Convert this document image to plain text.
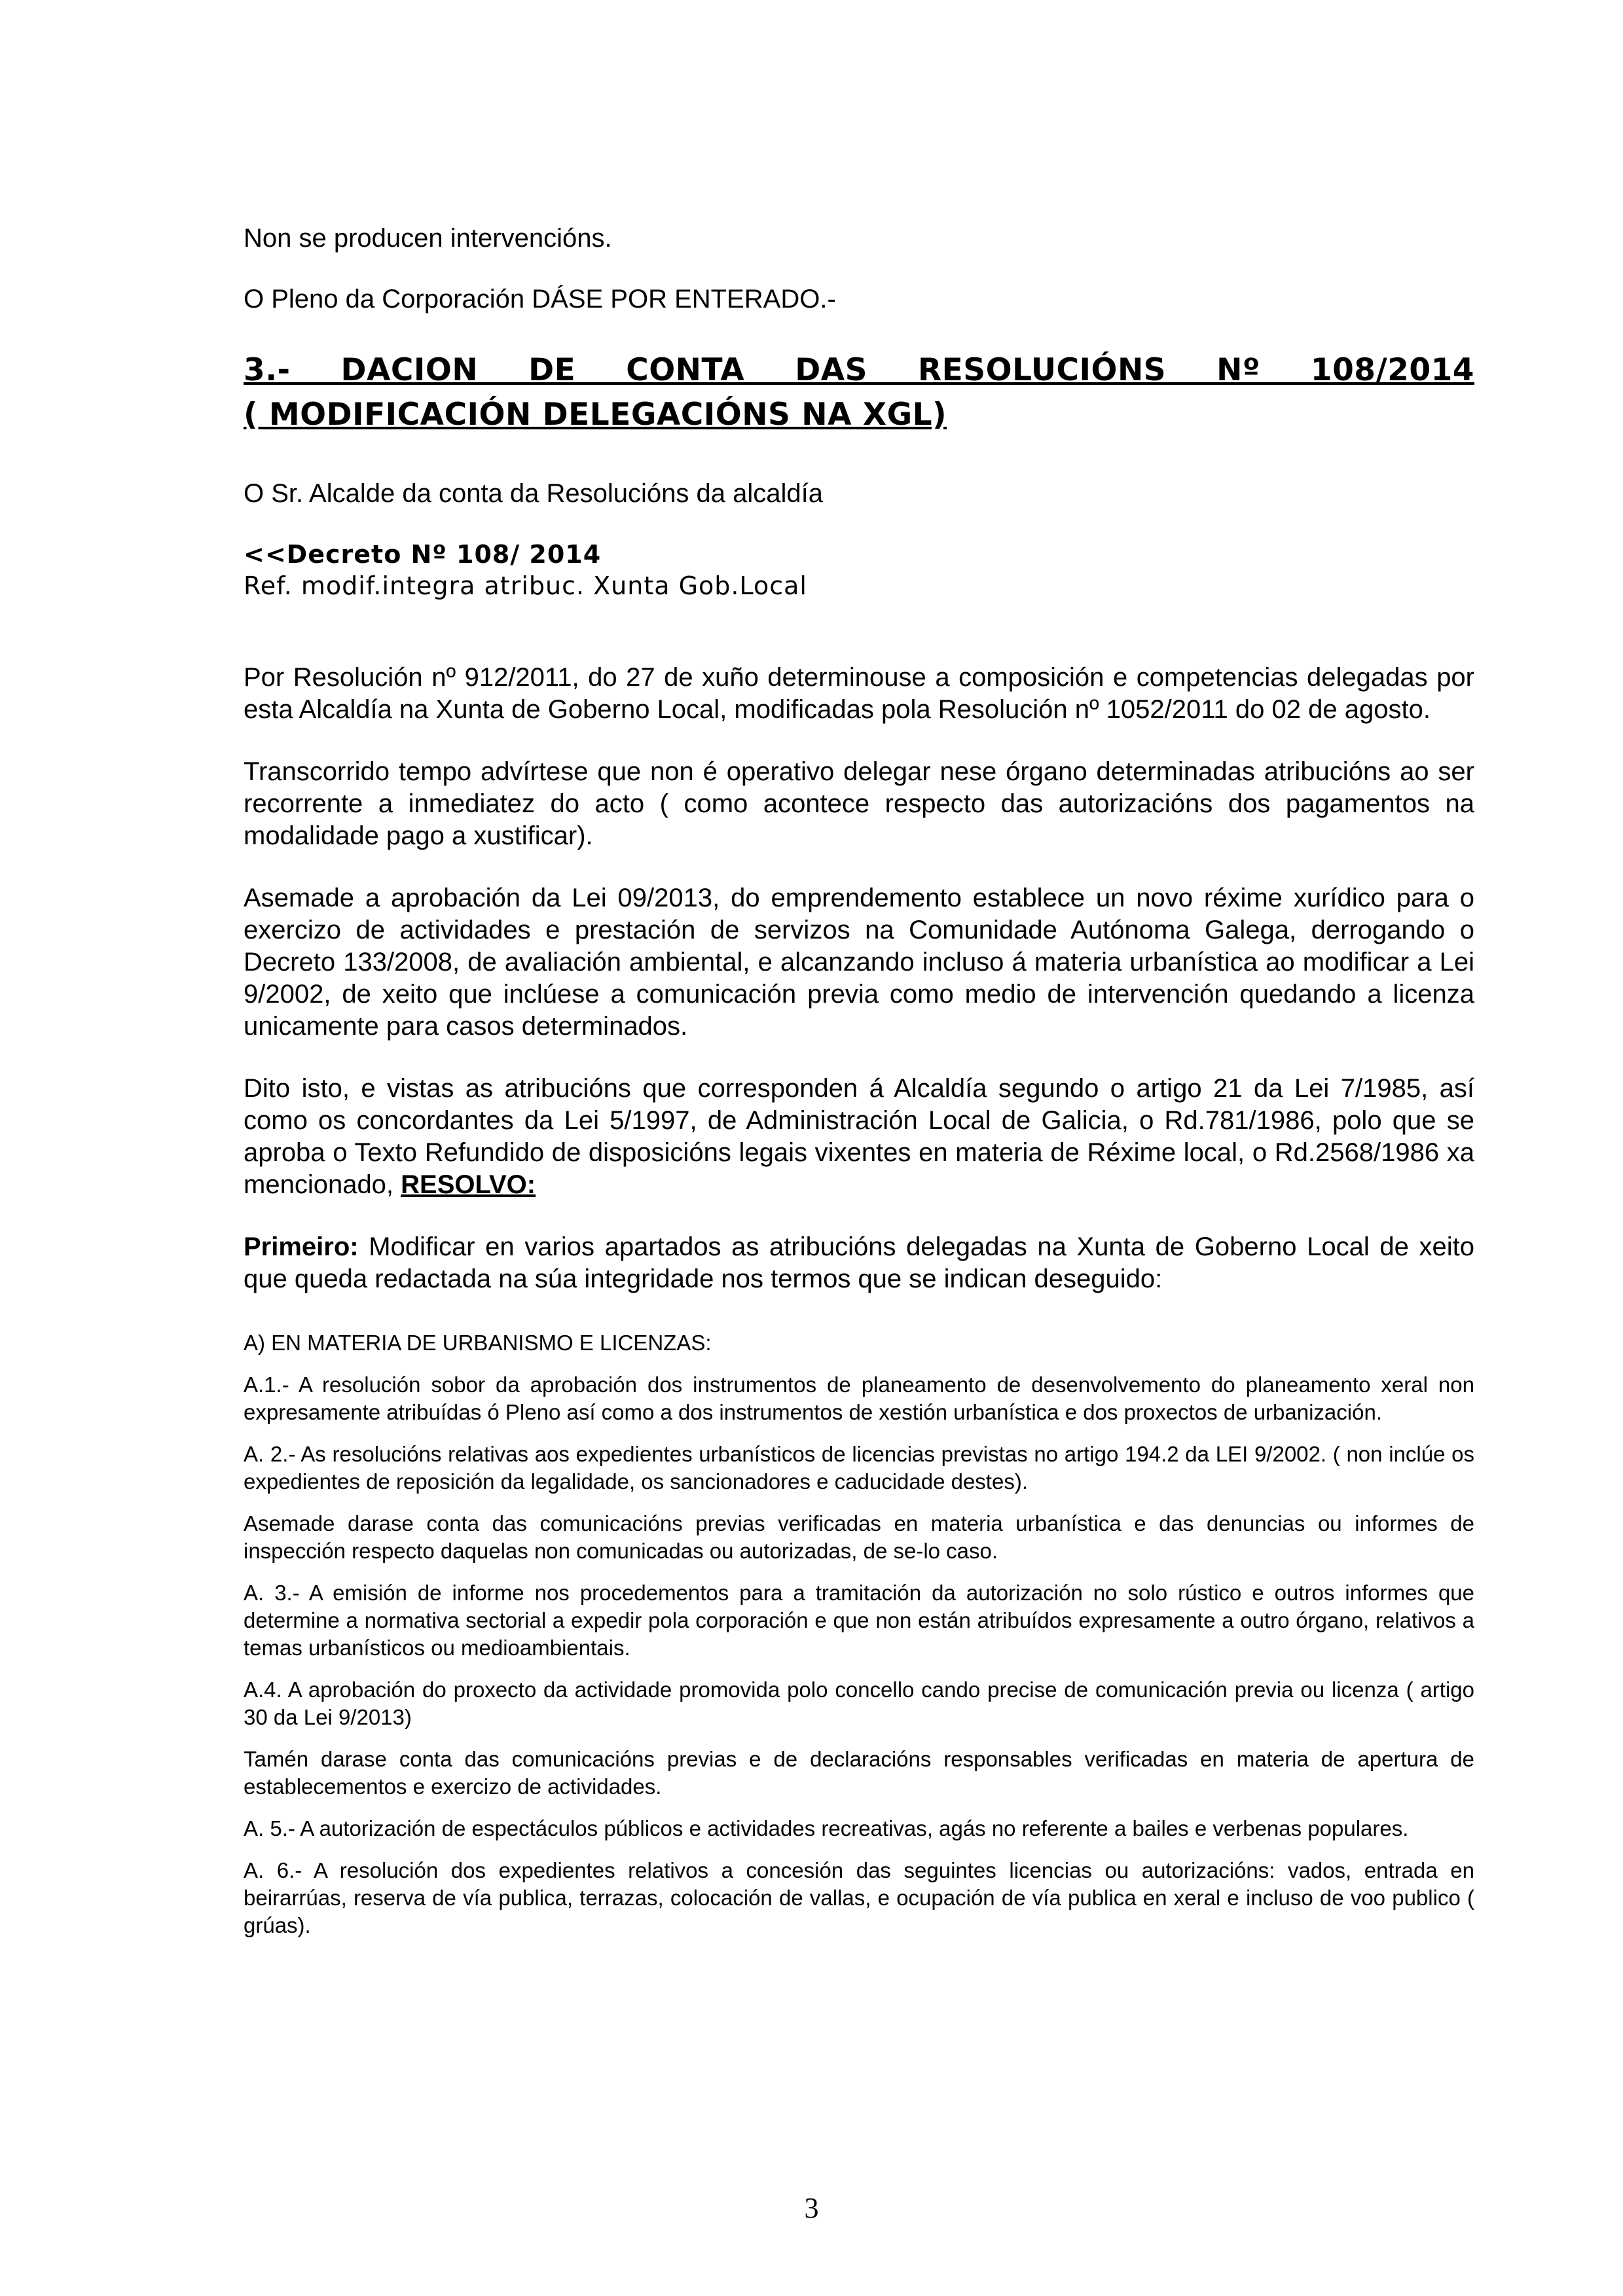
Non se producen intervencións.

O Pleno da Corporación DÁSE POR ENTERADO.-

3.- DACION DE CONTA DAS RESOLUCIÓNS Nº 108/2014

( MODIFICACIÓN DELEGACIÓNS NA XGL)

O Sr. Alcalde da conta da Resolucións da alcaldía

<<Decreto Nº 108/ 2014

Ref. modif.integra atribuc. Xunta Gob.Local

Por Resolución nº 912/2011, do 27 de xuño determinouse a composición e competencias delegadas por esta Alcaldía na Xunta de Goberno Local, modificadas pola Resolución nº 1052/2011 do 02 de agosto.

Transcorrido tempo advírtese que non é operativo delegar nese órgano determinadas atribucións ao ser recorrente a inmediatez do acto ( como acontece respecto das autorizacións dos pagamentos na modalidade pago a xustificar).

Asemade a aprobación da Lei 09/2013, do emprendemento establece un novo réxime xurídico para o exercizo de actividades e prestación de servizos na Comunidade Autónoma Galega, derrogando o Decreto 133/2008, de avaliación ambiental, e alcanzando incluso á materia urbanística ao modificar a Lei 9/2002, de xeito que inclúese a comunicación previa como medio de intervención quedando a licenza unicamente para casos determinados.

Dito isto, e vistas as atribucións que corresponden á Alcaldía segundo o artigo 21 da Lei 7/1985, así como os concordantes da Lei 5/1997, de Administración Local de Galicia, o Rd.781/1986, polo que se aproba o Texto Refundido de disposicións legais vixentes en materia de Réxime local, o Rd.2568/1986 xa mencionado, RESOLVO:

Primeiro: Modificar en varios apartados as atribucións delegadas na Xunta de Goberno Local de xeito que queda redactada na súa integridade nos termos que se indican deseguido:

A) EN MATERIA DE URBANISMO E LICENZAS:

A.1.- A resolución sobor da aprobación dos instrumentos de planeamento de desenvolvemento do planeamento xeral non expresamente atribuídas ó Pleno así como a dos instrumentos de xestión urbanística e dos proxectos de urbanización.

A. 2.- As resolucións relativas aos expedientes urbanísticos de licencias previstas no artigo 194.2 da LEI 9/2002. ( non inclúe os expedientes de reposición da legalidade, os sancionadores e caducidade destes).

Asemade darase conta das comunicacións previas verificadas en materia urbanística e das denuncias ou informes de inspección respecto daquelas non comunicadas ou autorizadas, de se-lo caso.

A. 3.- A emisión de informe nos procedementos para a tramitación da autorización no solo rústico e outros informes que determine a normativa sectorial a expedir pola corporación e que non están atribuídos expresamente a outro órgano, relativos a temas urbanísticos ou medioambientais.

A.4. A aprobación do proxecto da actividade promovida polo concello cando precise de comunicación previa ou licenza ( artigo 30 da Lei 9/2013)

Tamén darase conta das comunicacións previas e de declaracións responsables verificadas en materia de apertura de establecementos e exercizo de actividades.

A. 5.- A autorización de espectáculos públicos e actividades recreativas, agás no referente a bailes e verbenas populares.

A. 6.- A resolución dos expedientes relativos a concesión das seguintes licencias ou autorizacións: vados, entrada en beirarrúas, reserva de vía publica, terrazas, colocación de vallas, e ocupación de vía publica en xeral e incluso de voo publico ( grúas).

3
